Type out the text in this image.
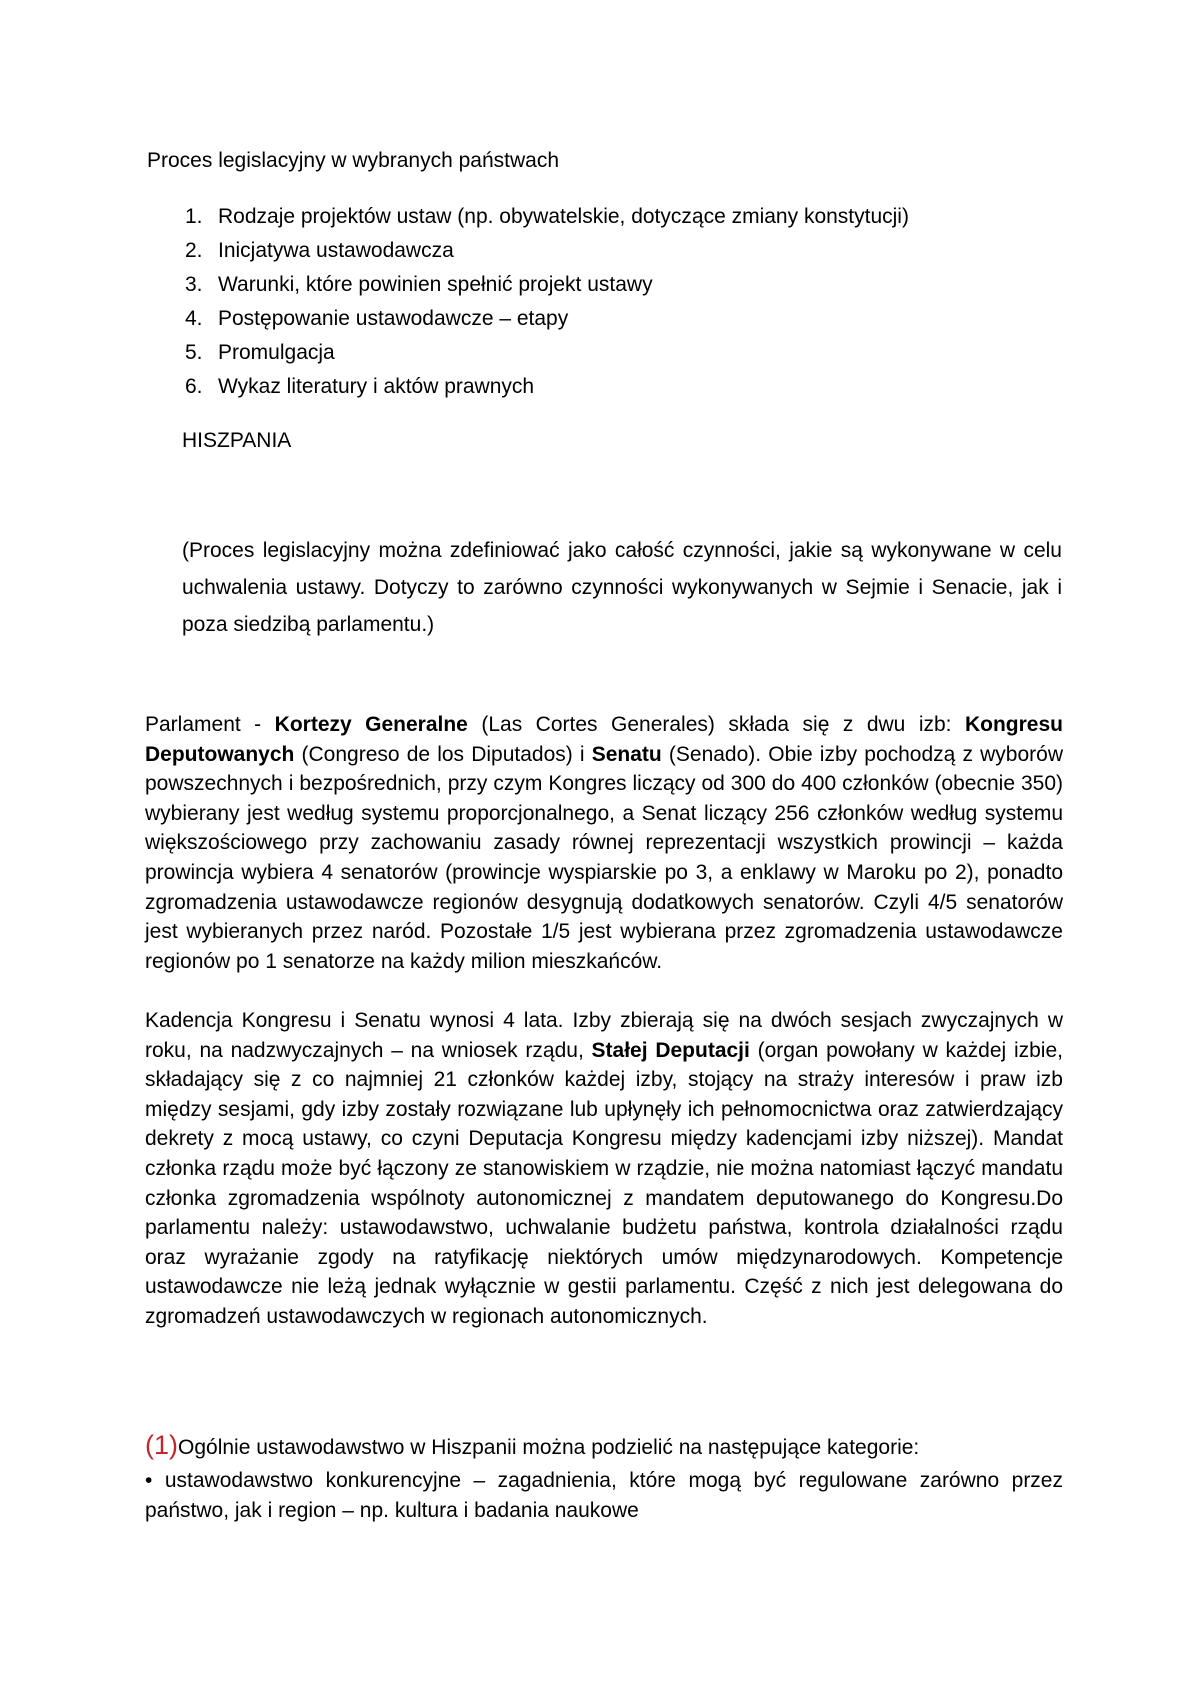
Proces legislacyjny w wybranych państwach
1. Rodzaje projektów ustaw (np. obywatelskie, dotyczące zmiany konstytucji)
2. Inicjatywa ustawodawcza
3. Warunki, które powinien spełnić projekt ustawy
4. Postępowanie ustawodawcze – etapy
5. Promulgacja
6. Wykaz literatury i aktów prawnych
HISZPANIA

(Proces legislacyjny można zdefiniować jako całość czynności, jakie są wykonywane w celu uchwalenia ustawy. Dotyczy to zarówno czynności wykonywanych w Sejmie i Senacie, jak i poza siedzibą parlamentu.)

Parlament - Kortezy Generalne (Las Cortes Generales) składa się z dwu izb: Kongresu Deputowanych (Congreso de los Diputados) i Senatu (Senado). Obie izby pochodzą z wyborów powszechnych i bezpośrednich, przy czym Kongres liczący od 300 do 400 członków (obecnie 350) wybierany jest według systemu proporcjonalnego, a Senat liczący 256 członków według systemu większościowego przy zachowaniu zasady równej reprezentacji wszystkich prowincji – każda prowincja wybiera 4 senatorów (prowincje wyspiarskie po 3, a enklawy w Maroku po 2), ponadto zgromadzenia ustawodawcze regionów desygnują dodatkowych senatorów. Czyli 4/5 senatorów jest wybieranych przez naród. Pozostałe 1/5 jest wybierana przez zgromadzenia ustawodawcze regionów po 1 senatorze na każdy milion mieszkańców.

Kadencja Kongresu i Senatu wynosi 4 lata. Izby zbierają się na dwóch sesjach zwyczajnych w roku, na nadzwyczajnych – na wniosek rządu, Stałej Deputacji (organ powołany w każdej izbie, składający się z co najmniej 21 członków każdej izby, stojący na straży interesów i praw izb między sesjami, gdy izby zostały rozwiązane lub upłynęły ich pełnomocnictwa oraz zatwierdzający dekrety z mocą ustawy, co czyni Deputacja Kongresu między kadencjami izby niższej). Mandat członka rządu może być łączony ze stanowiskiem w rządzie, nie można natomiast łączyć mandatu członka zgromadzenia wspólnoty autonomicznej z mandatem deputowanego do Kongresu.Do parlamentu należy: ustawodawstwo, uchwalanie budżetu państwa, kontrola działalności rządu oraz wyrażanie zgody na ratyfikację niektórych umów międzynarodowych. Kompetencje ustawodawcze nie leżą jednak wyłącznie w gestii parlamentu. Część z nich jest delegowana do zgromadzeń ustawodawczych w regionach autonomicznych.

(1)Ogólnie ustawodawstwo w Hiszpanii można podzielić na następujące kategorie:

• ustawodawstwo konkurencyjne – zagadnienia, które mogą być regulowane zarówno przez państwo, jak i region – np. kultura i badania naukowe
